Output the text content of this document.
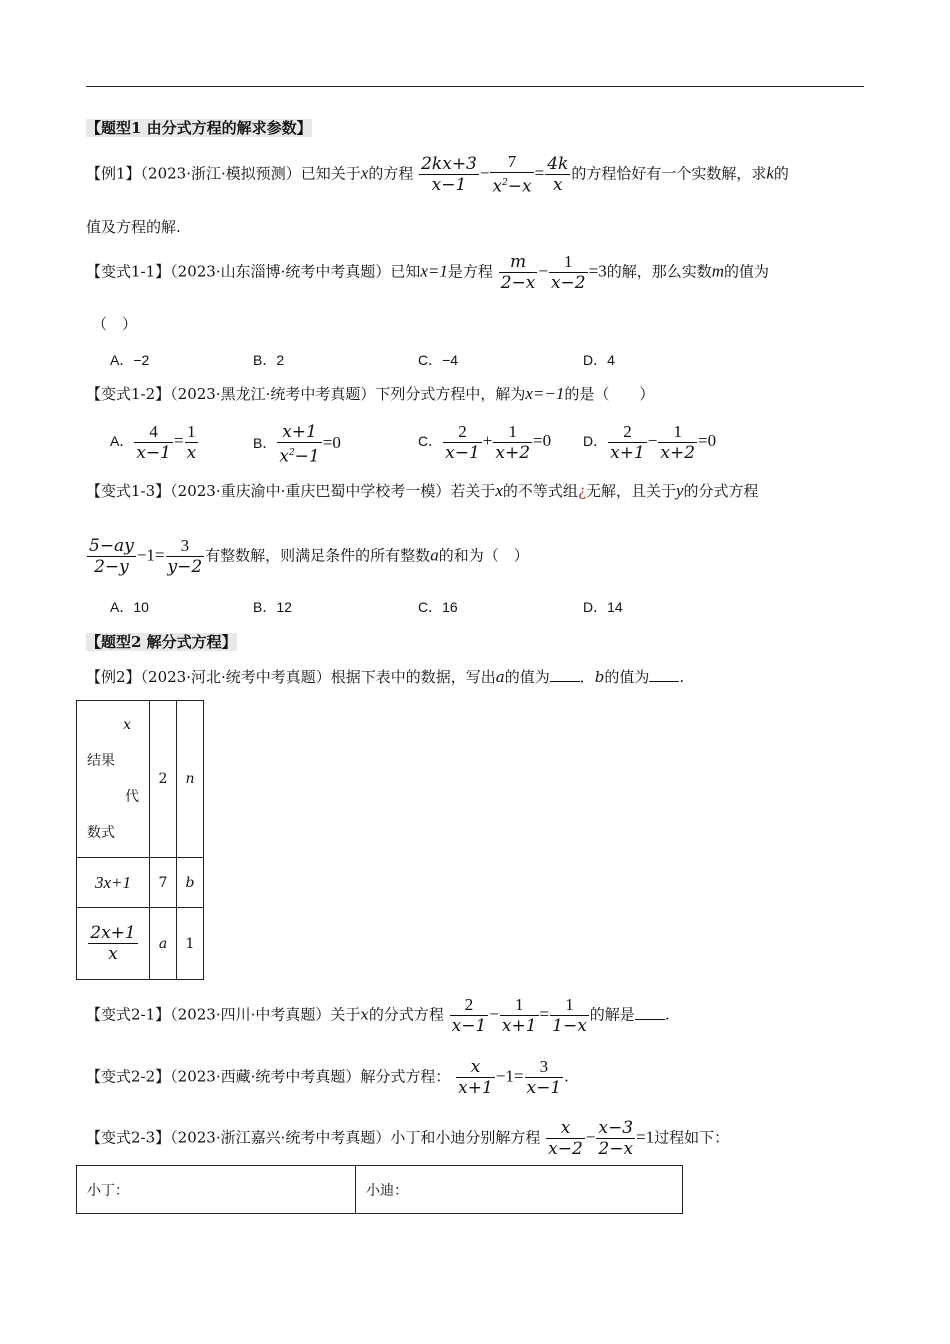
【题型1 由分式方程的解求参数】
【例1】（2023·浙江·模拟预测）已知关于x的方程 $\frac{2kx+3}{x-1} - \frac{7}{x^2-x} = \frac{4k}{x}$ 的方程恰好有一个实数解，求k的
值及方程的解.
【变式1-1】（2023·山东淄博·统考中考真题）已知x=1是方程 $\frac{m}{2-x} - \frac{1}{x-2} =3$的解，那么实数m的值为
（　）
A．−2	B．2	C．−4	D．4
【变式1-2】（2023·黑龙江·统考中考真题）下列分式方程中，解为x=−1的是（　　）
A． $\frac{4}{x-1} = \frac{1}{x}$	B． $\frac{x+1}{x^2-1} =0$	C． $\frac{2}{x-1} + \frac{1}{x+2} =0$ D． $\frac{2}{x+1} - \frac{1}{x+2} =0$
【变式1-3】（2023·重庆渝中·重庆巴蜀中学校考一模）若关于x的不等式组¿无解，且关于y的分式方程
$\frac{5-ay}{2-y} -1= \frac{3}{y-2}$ 有整数解，则满足条件的所有整数a的和为（　）
A．10	B．12	C．16	D．14
【题型2 解分式方程】
【例2】（2023·河北·统考中考真题）根据下表中的数据，写出a的值为 ．b的值为 .
x
结果
代
数式	2	n
3x+1	7	b

$\frac{2x+1}{x}$	a	1
【变式2-1】（2023·四川·中考真题）关于x的分式方程 $\frac{2}{x-1} - \frac{1}{x+1} = \frac{1}{1-x}$ 的解是 .
【变式2-2】（2023·西藏·统考中考真题）解分式方程： $\frac{x}{x+1} -1= \frac{3}{x-1}$ .
【变式2-3】（2023·浙江嘉兴·统考中考真题）小丁和小迪分别解方程 $\frac{x}{x-2} - \frac{x-3}{2-x} =1$过程如下：
小丁：	小迪：
